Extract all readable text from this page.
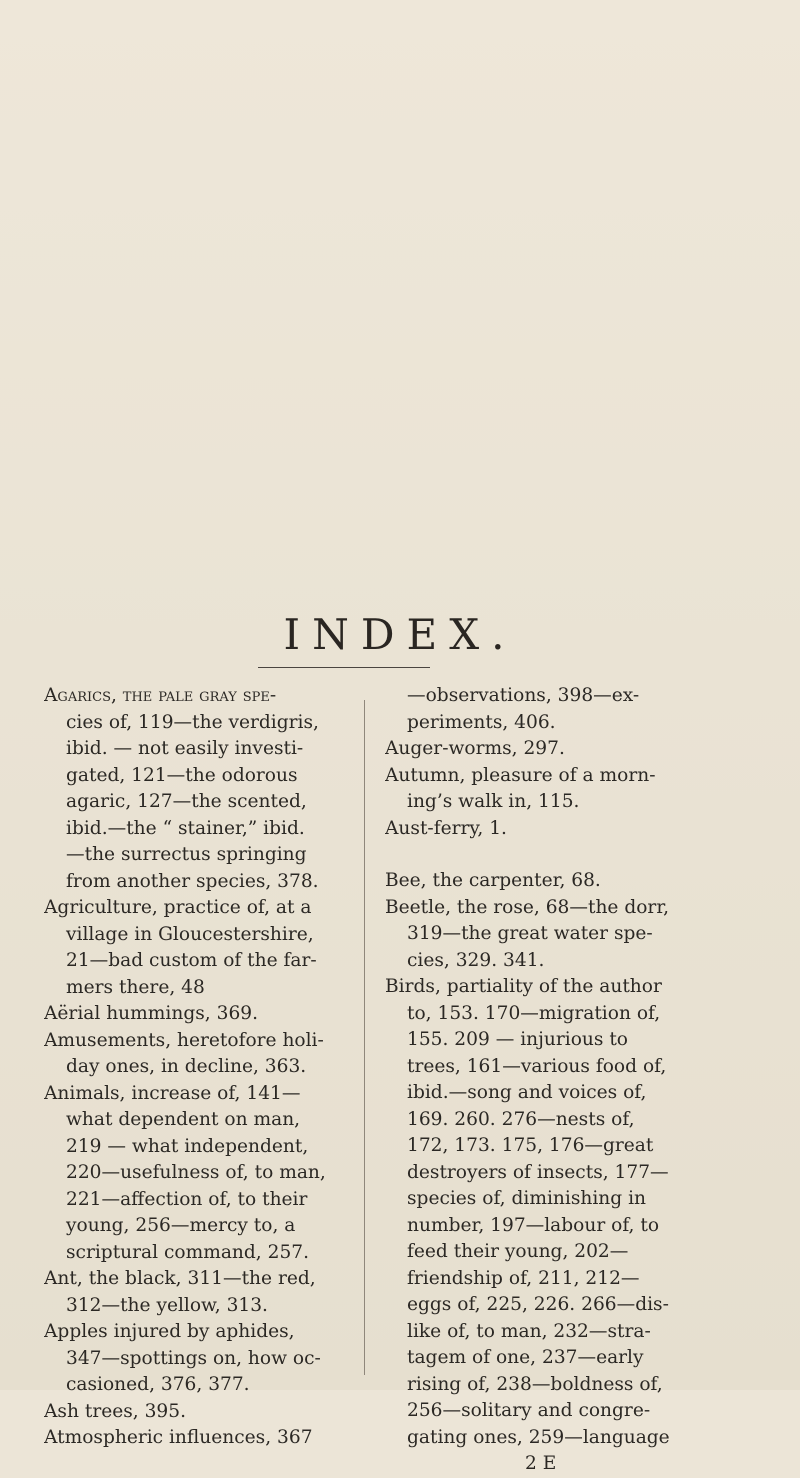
INDEX.
Agarics, the pale gray spe-
cies of, 119—the verdigris,
ibid. — not easily investi-
gated, 121—the odorous
agaric, 127—the scented,
ibid.—the “ stainer,” ibid.
—the surrectus springing
from another species, 378.
Agriculture, practice of, at a
village in Gloucestershire,
21—bad custom of the far-
mers there, 48
Aërial hummings, 369.
Amusements, heretofore holi-
day ones, in decline, 363.
Animals, increase of, 141—
what dependent on man,
219 — what independent,
220—usefulness of, to man,
221—affection of, to their
young, 256—mercy to, a
scriptural command, 257.
Ant, the black, 311—the red,
312—the yellow, 313.
Apples injured by aphides,
347—spottings on, how oc-
casioned, 376, 377.
Ash trees, 395.
Atmospheric influences, 367
—observations, 398—ex-
periments, 406.
Auger-worms, 297.
Autumn, pleasure of a morn-
ing’s walk in, 115.
Aust-ferry, 1.
Bee, the carpenter, 68.
Beetle, the rose, 68—the dorr,
319—the great water spe-
cies, 329. 341.
Birds, partiality of the author
to, 153. 170—migration of,
155. 209 — injurious to
trees, 161—various food of,
ibid.—song and voices of,
169. 260. 276—nests of,
172, 173. 175, 176—great
destroyers of insects, 177—
species of, diminishing in
number, 197—labour of, to
feed their young, 202—
friendship of, 211, 212—
eggs of, 225, 226. 266—dis-
like of, to man, 232—stra-
tagem of one, 237—early
rising of, 238—boldness of,
256—solitary and congre-
gating ones, 259—language
2 E
